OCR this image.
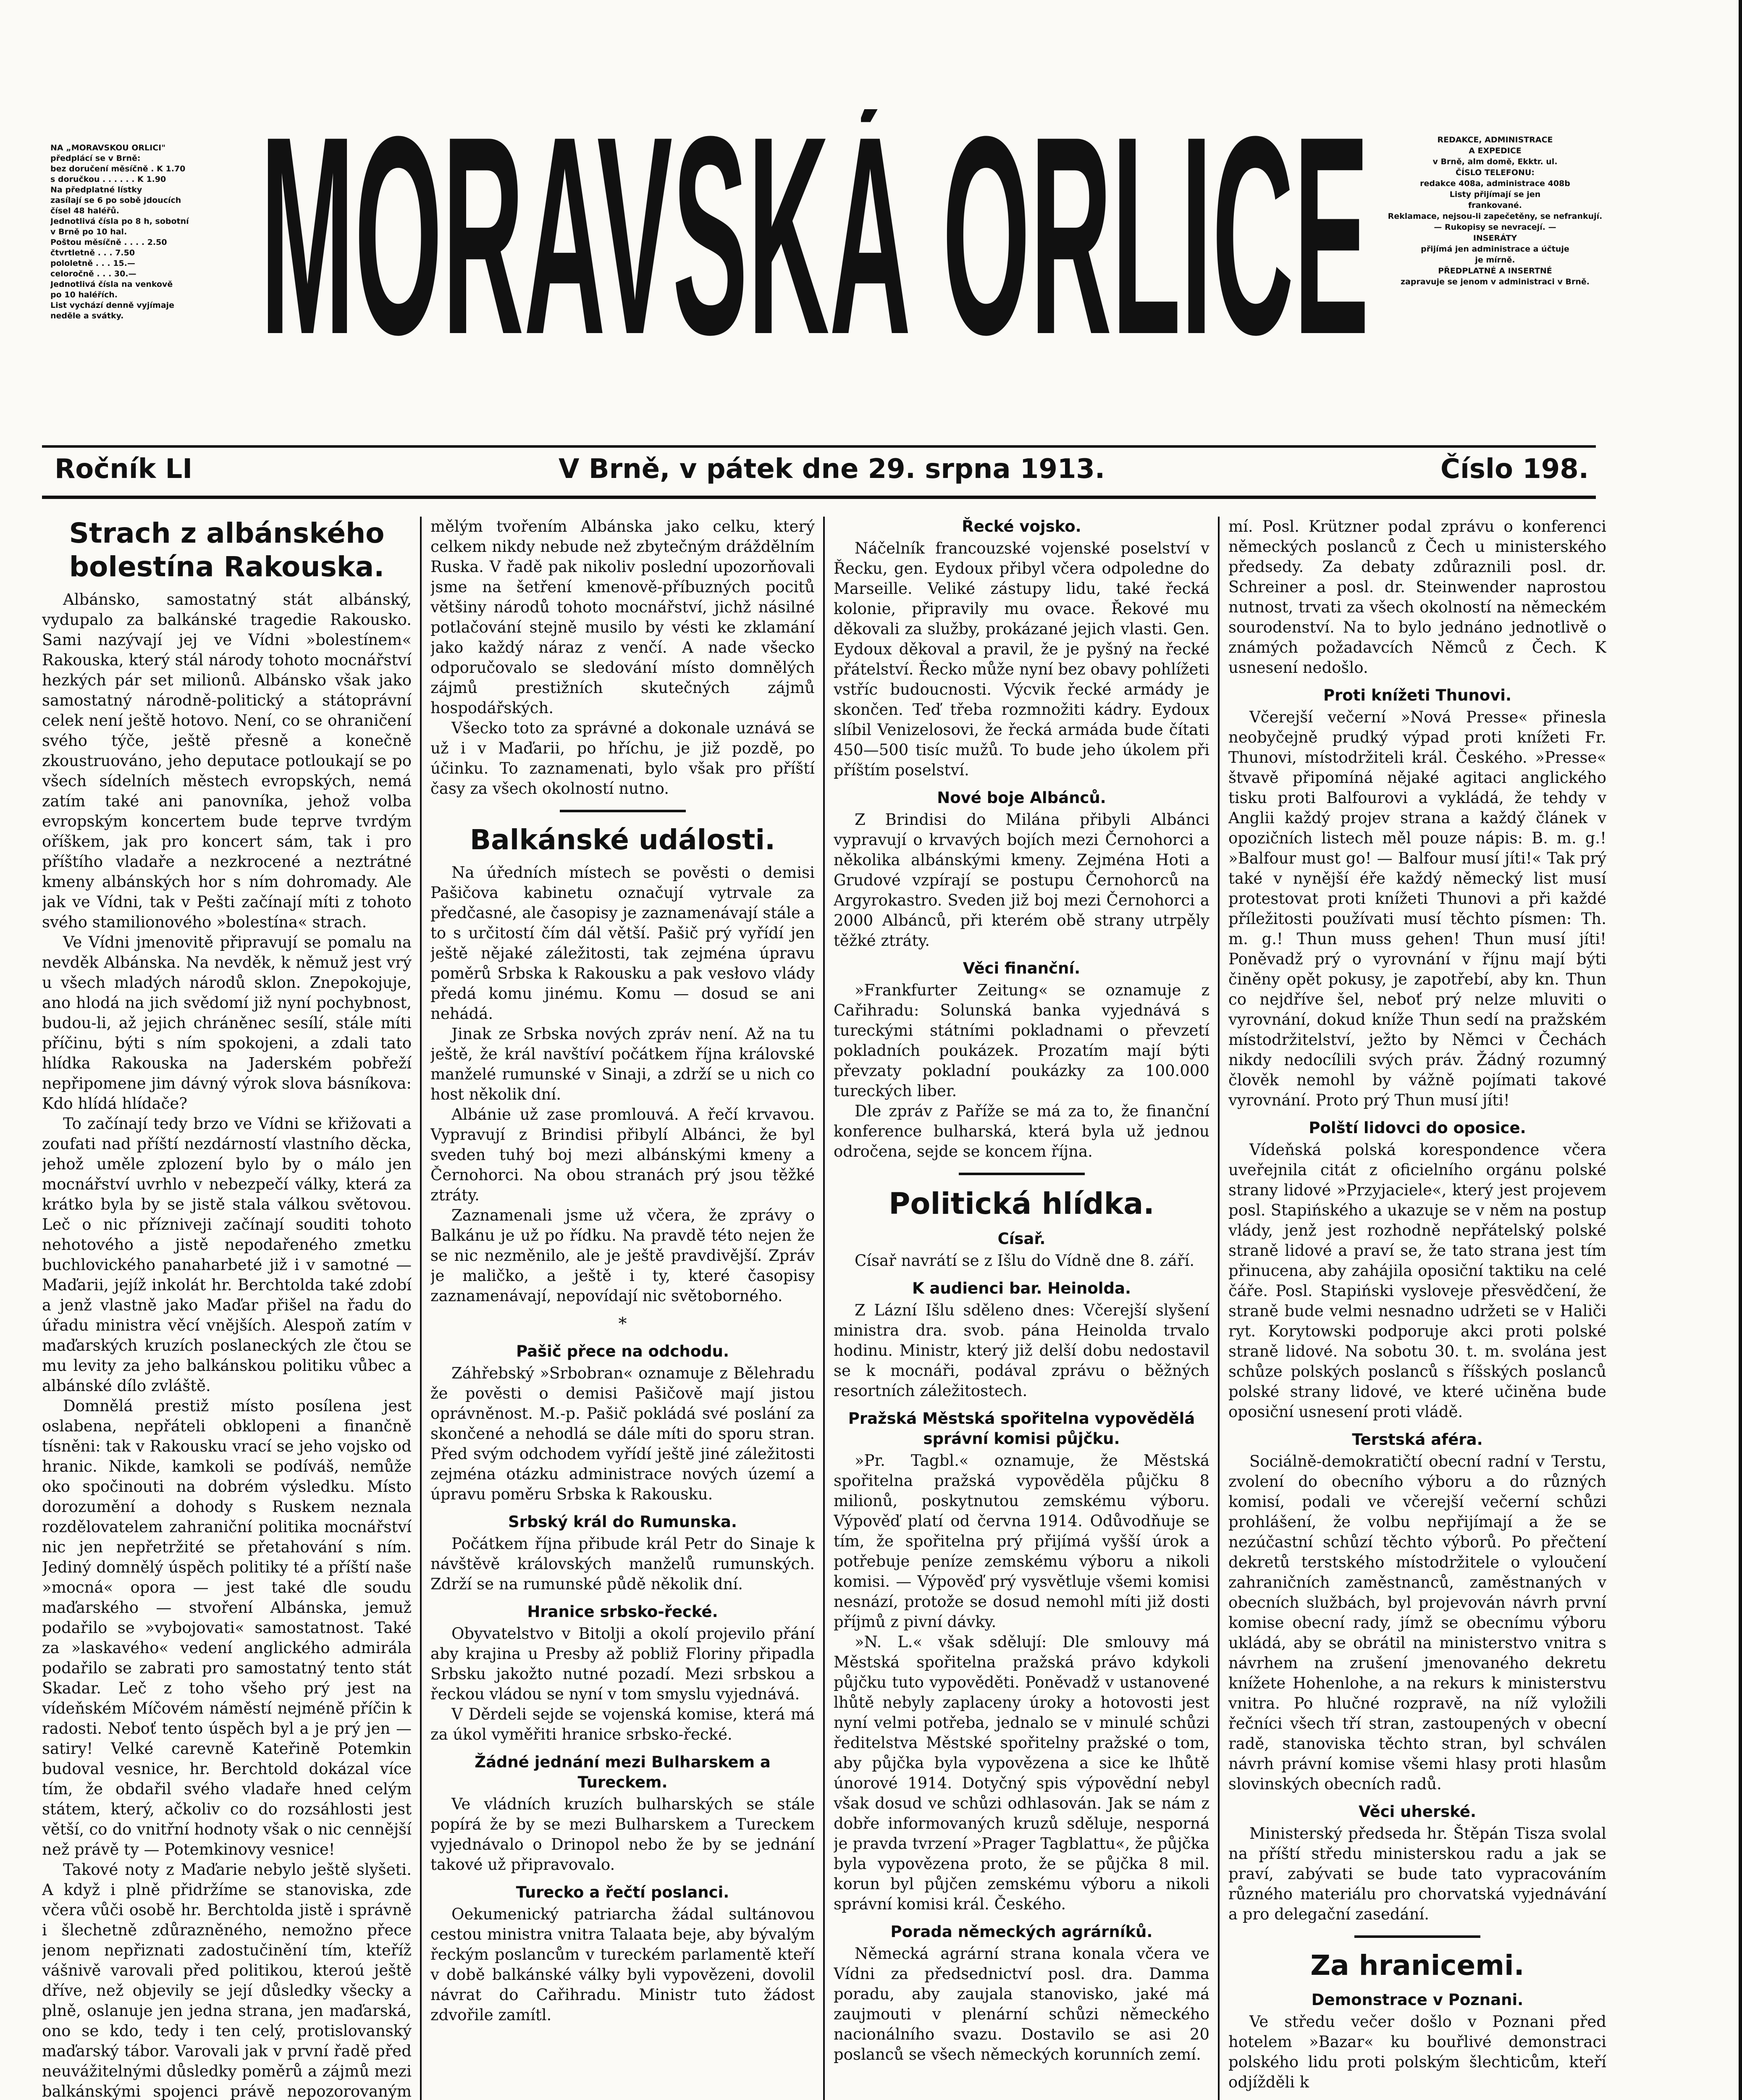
NA „MORAVSKOU ORLICI"
předplácí se v Brně:
bez doručení měsíčně . K 1.70
s doručkou . . . . . . K 1.90
Na předplatné lístky
zasílají se 6 po sobě jdoucích
čísel 48 haléřů.
Jednotlivá čísla po 8 h, sobotní
v Brně po 10 hal.
Poštou měsíčně . . . . 2.50
čtvrtletně . . . 7.50
pololetně . . . 15.—
celoročně . . . 30.—
Jednotlivá čísla na venkově
po 10 haléřích.
List vychází denně vyjímaje
neděle a svátky. MORAVSKÁ ORLICE	REDAKCE, ADMINISTRACE
A EXPEDICE
v Brně, alm domě, Ekktr. ul.
ČÍSLO TELEFONU:
redakce 408a, administrace 408b
Listy přijímají se jen
frankované.
Reklamace, nejsou-li zapečetěny, se nefrankují.
— Rukopisy se nevracejí. —
INSERÁTY
přijímá jen administrace a účtuje
je mírně.
PŘEDPLATNÉ A INSERTNÉ
zapravuje se jenom v administraci v Brně.
Ročník LI	V Brně, v pátek dne 29. srpna 1913.	Číslo 198.
Strach z albánského bolestína Rakouska.

Albánsko, samostatný stát albánský, vydupalo za balkánské tragedie Rakousko. Sami nazývají jej ve Vídni »bolestínem« Rakouska, který stál národy tohoto mocnářství hezkých pár set milionů. Albánsko však jako samostatný národně-politický a státoprávní celek není ještě hotovo. Není, co se ohraničení svého týče, ještě přesně a konečně zkoustruováno, jeho deputace potloukají se po všech sídelních městech evropských, nemá zatím také ani panovníka, jehož volba evropským koncertem bude teprve tvrdým oříškem, jak pro koncert sám, tak i pro příštího vladaře a nezkrocené a neztrátné kmeny albánských hor s ním dohromady. Ale jak ve Vídni, tak v Pešti začínají míti z tohoto svého stamilionového »bolestína« strach.

Ve Vídni jmenovitě připravují se pomalu na nevděk Albánska. Na nevděk, k němuž jest vrý u všech mladých národů sklon. Znepokojuje, ano hlodá na jich svědomí již nyní pochybnost, budou-li, až jejich chráněnec sesílí, stále míti příčinu, býti s ním spokojeni, a zdali tato hlídka Rakouska na Jaderském pobřeží nepřipomene jim dávný výrok slova básníkova: Kdo hlídá hlídače?

To začínají tedy brzo ve Vídni se křižovati a zoufati nad příští nezdárností vlastního děcka, jehož uměle zplození bylo by o málo jen mocnářství uvrhlo v nebezpečí války, která za krátko byla by se jistě stala válkou světovou. Leč o nic přízniveji začínají souditi tohoto nehotového a jistě nepodařeného zmetku buchlovického panaharbeté již i v samotné — Maďarii, jejíž inkolát hr. Berchtolda také zdobí a jenž vlastně jako Maďar přišel na řadu do úřadu ministra věcí vnějších. Alespoň zatím v maďarských kruzích poslaneckých zle čtou se mu levity za jeho balkánskou politiku vůbec a albánské dílo zvláště.

Domnělá prestiž místo posílena jest oslabena, nepřáteli obklopeni a finančně tísněni: tak v Rakousku vrací se jeho vojsko od hranic. Nikde, kamkoli se podíváš, nemůže oko spočinouti na dobrém výsledku. Místo dorozumění a dohody s Ruskem neznala rozdělovatelem zahraniční politika mocnářství nic jen nepřetržité se přetahování s ním. Jediný domnělý úspěch politiky té a příští naše »mocná« opora — jest také dle soudu maďarského — stvoření Albánska, jemuž podařilo se »vybojovati« samostatnost. Také za »laskavého« vedení anglického admirála podařilo se zabrati pro samostatný tento stát Skadar. Leč z toho všeho prý jest na vídeňském Míčovém náměstí nejméně příčin k radosti. Neboť tento úspěch byl a je prý jen — satiry! Velké carevně Kateřině Potemkin budoval vesnice, hr. Berchtold dokázal více tím, že obdařil svého vladaře hned celým státem, který, ačkoliv co do rozsáhlosti jest větší, co do vnitřní hodnoty však o nic cennější než právě ty — Potemkinovy vesnice!

Takové noty z Maďarie nebylo ještě slyšeti. A když i plně přidržíme se stanoviska, zde včera vůči osobě hr. Berchtolda jistě i správně i šlechetně zdůrazněného, nemožno přece jenom nepřiznati zadostučinění tím, kteříž vášnivě varovali před politikou, kteroú ještě dříve, než objevily se její důsledky všecky a plně, oslanuje jen jedna strana, jen maďarská, ono se kdo, tedy i ten celý, protislovanský maďarský tábor. Varovali jak v první řadě před neuvážitelnými důsledky poměrů a zájmů mezi balkánskými spojenci právě nepozorovaným

mělým tvořením Albánska jako celku, který celkem nikdy nebude než zbytečným dráždělním Ruska. V řadě pak nikoliv poslední upozorňovali jsme na šetření kmenově-příbuzných pocitů většiny národů tohoto mocnářství, jichž násilné potlačování stejně musilo by vésti ke zklamání jako každý náraz z venčí. A nade všecko odporučovalo se sledování místo domnělých zájmů prestižních skutečných zájmů hospodářských.

Všecko toto za správné a dokonale uznává se už i v Maďarii, po hříchu, je již pozdě, po účinku. To zaznamenati, bylo však pro příští časy za všech okolností nutno.

Balkánské události.

Na úředních místech se pověsti o demisi Pašičova kabinetu označují vytrvale za předčasné, ale časopisy je zaznamenávají stále a to s určitostí čím dál větší. Pašič prý vyřídí jen ještě nějaké záležitosti, tak zejména úpravu poměrů Srbska k Rakousku a pak vesłovo vlády předá komu jinému. Komu — dosud se ani nehádá.

Jinak ze Srbska nových zpráv není. Až na tu ještě, že král navštíví počátkem října královské manželé rumunské v Sinaji, a zdrží se u nich co host několik dní.

Albánie už zase promlouvá. A řečí krvavou. Vypravují z Brindisi přibylí Albánci, že byl sveden tuhý boj mezi albánskými kmeny a Černohorci. Na obou stranách prý jsou těžké ztráty.

Zaznamenali jsme už včera, že zprávy o Balkánu je už po řídku. Na pravdě této nejen že se nic nezměnilo, ale je ještě pravdivější. Zpráv je maličko, a ještě i ty, které časopisy zaznamenávají, nepovídají nic světoborného.

*
Pašič přece na odchodu.

Záhřebský »Srbobran« oznamuje z Bělehradu že pověsti o demisi Pašičově mají jistou oprávněnost. M.-p. Pašič pokládá své poslání za skončené a nehodlá se dále míti do sporu stran. Před svým odchodem vyřídí ještě jiné záležitosti zejména otázku administrace nových území a úpravu poměru Srbska k Rakousku.

Srbský král do Rumunska.

Počátkem října přibude král Petr do Sinaje k návštěvě královských manželů rumunských. Zdrží se na rumunské půdě několik dní.

Hranice srbsko-řecké.

Obyvatelstvo v Bitolji a okolí projevilo přání aby krajina u Presby až pobliž Floriny připadla Srbsku jakožto nutné pozadí. Mezi srbskou a řeckou vládou se nyní v tom smyslu vyjednává.

V Děrdeli sejde se vojenská komise, která má za úkol vyměřiti hranice srbsko-řecké.

Žádné jednání mezi Bulharskem a Tureckem.

Ve vládních kruzích bulharských se stále popírá že by se mezi Bulharskem a Tureckem vyjednávalo o Drinopol nebo že by se jednání takové už připravovalo.

Turecko a řečtí poslanci.

Oekumenický patriarcha žádal sultánovou cestou ministra vnitra Talaata beje, aby bývalým řeckým poslancům v tureckém parlamentě kteří v době balkánské války byli vypovězeni, dovolil návrat do Cařihradu. Ministr tuto žádost zdvořile zamítl.

Řecké vojsko.

Náčelník francouzské vojenské poselství v Řecku, gen. Eydoux přibyl včera odpoledne do Marseille. Veliké zástupy lidu, také řecká kolonie, připravily mu ovace. Řekové mu děkovali za služby, prokázané jejich vlasti. Gen. Eydoux děkoval a pravil, že je pyšný na řecké přátelství. Řecko může nyní bez obavy pohlížeti vstříc budoucnosti. Výcvik řecké armády je skončen. Teď třeba rozmnožiti kádry. Eydoux slíbil Venizelosovi, že řecká armáda bude čítati 450—500 tisíc mužů. To bude jeho úkolem při příštím poselství.

Nové boje Albánců.

Z Brindisi do Milána přibyli Albánci vypravují o krvavých bojích mezi Černohorci a několika albánskými kmeny. Zejména Hoti a Grudové vzpírají se postupu Černohorců na Argyrokastro. Sveden již boj mezi Černohorci a 2000 Albánců, při kterém obě strany utrpěly těžké ztráty.

Věci finanční.

»Frankfurter Zeitung« se oznamuje z Cařihradu: Solunská banka vyjednává s tureckými státními pokladnami o převzetí pokladních poukázek. Prozatím mají býti převzaty pokladní poukázky za 100.000 tureckých liber.

Dle zpráv z Paříže se má za to, že finanční konference bulharská, která byla už jednou odročena, sejde se koncem října.

Politická hlídka.
Císař.

Císař navrátí se z Išlu do Vídně dne 8. září.

K audienci bar. Heinolda.

Z Lázní Išlu sděleno dnes: Včerejší slyšení ministra dra. svob. pána Heinolda trvalo hodinu. Ministr, který již delší dobu nedostavil se k mocnáři, podával zprávu o běžných resortních záležitostech.

Pražská Městská spořitelna vypovědělá správní komisi půjčku.

»Pr. Tagbl.« oznamuje, že Městská spořitelna pražská vypověděla půjčku 8 milionů, poskytnutou zemskému výboru. Výpověď platí od června 1914. Odůvodňuje se tím, že spořitelna prý přijímá vyšší úrok a potřebuje peníze zemskému výboru a nikoli komisi. — Výpověď prý vysvětluje všemi komisi nesnází, protože se dosud nemohl míti již dosti příjmů z pivní dávky.

»N. L.« však sdělují: Dle smlouvy má Městská spořitelna pražská právo kdykoli půjčku tuto vypověděti. Poněvadž v ustanovené lhůtě nebyly zaplaceny úroky a hotovosti jest nyní velmi potřeba, jednalo se v minulé schůzi ředitelstva Městské spořitelny pražské o tom, aby půjčka byla vypovězena a sice ke lhůtě únorové 1914. Dotyčný spis výpovědní nebyl však dosud ve schůzi odhlasován. Jak se nám z dobře informovaných kruzů sděluje, nesporná je pravda tvrzení »Prager Tagblattu«, že půjčka byla vypovězena proto, že se půjčka 8 mil. korun byl půjčen zemskému výboru a nikoli správní komisi král. Českého.

Porada německých agrárníků.

Německá agrární strana konala včera ve Vídni za předsednictví posl. dra. Damma poradu, aby zaujala stanovisko, jaké má zaujmouti v plenární schůzi německého nacionálního svazu. Dostavilo se asi 20 poslanců se všech německých korunních zemí.

mí. Posl. Krützner podal zprávu o konferenci německých poslanců z Čech u ministerského předsedy. Za debaty zdůraznili posl. dr. Schreiner a posl. dr. Steinwender naprostou nutnost, trvati za všech okolností na německém sourodenství. Na to bylo jednáno jednotlivě o známých požadavcích Němců z Čech. K usnesení nedošlo.

Proti knížeti Thunovi.

Včerejší večerní »Nová Presse« přinesla neobyčejně prudký výpad proti knížeti Fr. Thunovi, místodržiteli král. Českého. »Presse« štvavě připomíná nějaké agitaci anglického tisku proti Balfourovi a vykládá, že tehdy v Anglii každý projev strana a každý článek v opozičních listech měl pouze nápis: B. m. g.! »Balfour must go! — Balfour musí jíti!« Tak prý také v nynější éře každý německý list musí protestovat proti knížeti Thunovi a při každé příležitosti používati musí těchto písmen: Th. m. g.! Thun muss gehen! Thun musí jíti! Poněvadž prý o vyrovnání v říjnu mají býti činěny opět pokusy, je zapotřebí, aby kn. Thun co nejdříve šel, neboť prý nelze mluviti o vyrovnání, dokud kníže Thun sedí na pražském místodržitelství, ježto by Němci v Čechách nikdy nedocílili svých práv. Žádný rozumný člověk nemohl by vážně pojímati takové vyrovnání. Proto prý Thun musí jíti!

Polští lidovci do oposice.

Vídeňská polská korespondence včera uveřejnila citát z oficielního orgánu polské strany lidové »Przyjaciele«, který jest projevem posl. Stapińského a ukazuje se v něm na postup vlády, jenž jest rozhodně nepřátelský polské straně lidové a praví se, že tato strana jest tím přinucena, aby zahájila oposiční taktiku na celé čáře. Posl. Stapiński vysloveje přesvědčení, že straně bude velmi nesnadno udržeti se v Haliči ryt. Korytowski podporuje akci proti polské straně lidové. Na sobotu 30. t. m. svolána jest schůze polských poslanců s říšských poslanců polské strany lidové, ve které učiněna bude oposiční usnesení proti vládě.

Terstská aféra.

Sociálně-demokratičtí obecní radní v Terstu, zvolení do obecního výboru a do různých komisí, podali ve včerejší večerní schůzi prohlášení, že volbu nepřijímají a že se nezúčastní schůzí těchto výborů. Po přečtení dekretů terstského místodržitele o vyloučení zahraničních zaměstnanců, zaměstnaných v obecních službách, byl projevován návrh první komise obecní rady, jímž se obecnímu výboru ukládá, aby se obrátil na ministerstvo vnitra s návrhem na zrušení jmenovaného dekretu knížete Hohenlohe, a na rekurs k ministerstvu vnitra. Po hlučné rozpravě, na níž vyložili řečníci všech tří stran, zastoupených v obecní radě, stanoviska těchto stran, byl schválen návrh právní komise všemi hlasy proti hlasům slovinských obecních radů.

Věci uherské.

Ministerský předseda hr. Štěpán Tisza svolal na příští středu ministerskou radu a jak se praví, zabývati se bude tato vypracováním různého materiálu pro chorvatská vyjednávání a pro delegační zasedání.

Za hranicemi.
Demonstrace v Poznani.

Ve středu večer došlo v Poznani před hotelem »Bazar« ku bouřlivé demonstraci polského lidu proti polským šlechticům, kteří odjížděli k
